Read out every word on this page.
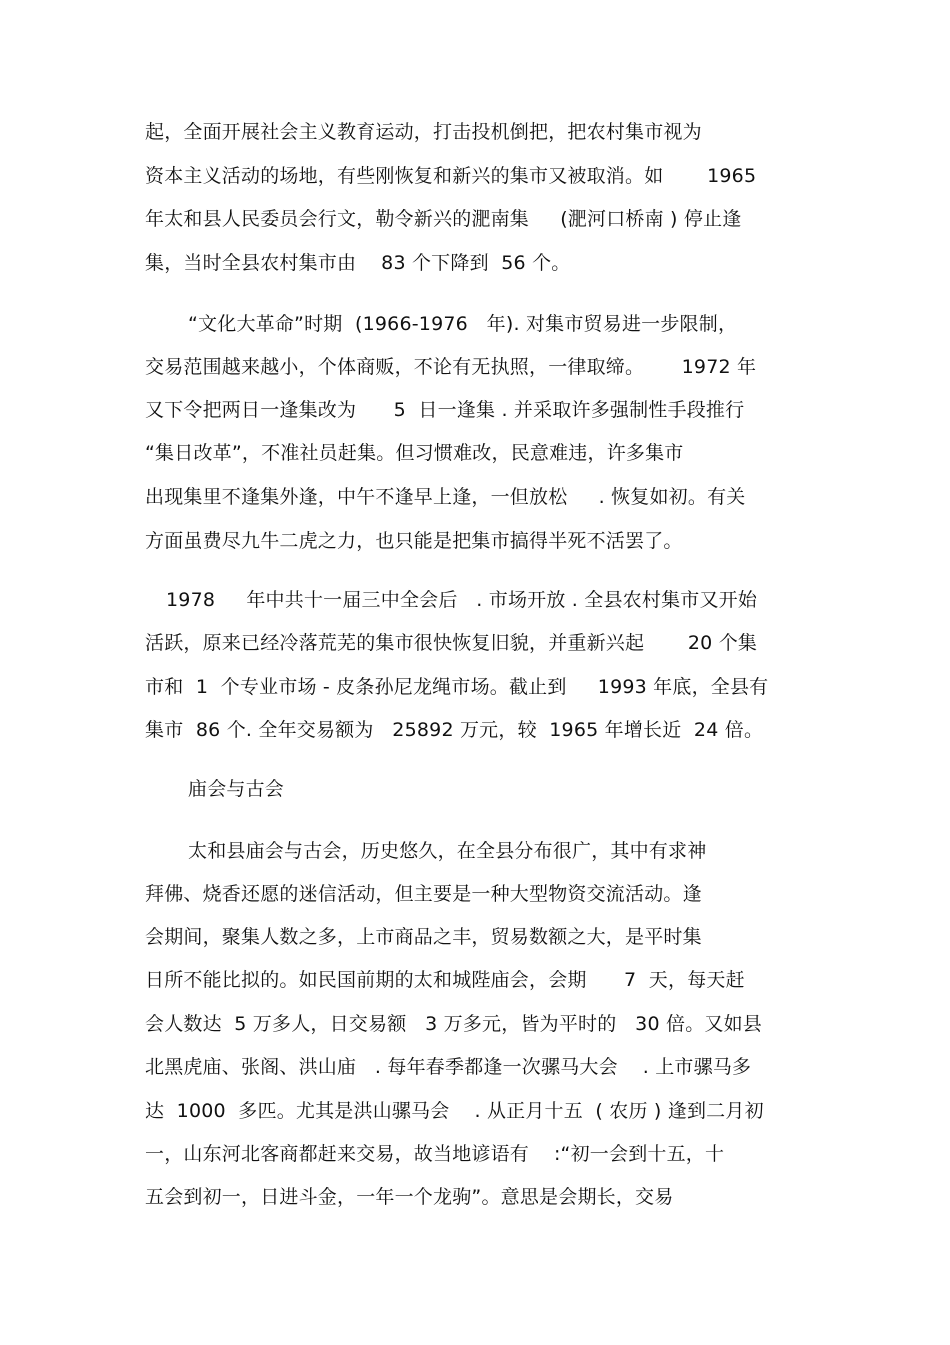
起，全面开展社会主义教育运动，打击投机倒把，把农村集市视为
资本主义活动的场地，有些刚恢复和新兴的集市又被取消。如       1965
年太和县人民委员会行文，勒令新兴的淝南集     (淝河口桥南 ) 停止逢
集，当时全县农村集市由    83 个下降到  56 个。
“文化大革命”时期  (1966-1976   年). 对集市贸易进一步限制，
交易范围越来越小，个体商贩，不论有无执照，一律取缔。      1972 年
又下令把两日一逢集改为      5  日一逢集 . 并采取许多强制性手段推行
“集日改革”，不准社员赶集。但习惯难改，民意难违，许多集市
出现集里不逢集外逢，中午不逢早上逢，一但放松     . 恢复如初。有关
方面虽费尽九牛二虎之力，也只能是把集市搞得半死不活罢了。
1978     年中共十一届三中全会后   . 市场开放 . 全县农村集市又开始
活跃，原来已经冷落荒芜的集市很快恢复旧貌，并重新兴起       20 个集
市和  1  个专业市场 - 皮条孙尼龙绳市场。截止到     1993 年底，全县有
集市  86 个. 全年交易额为   25892 万元，较  1965 年增长近  24 倍。
庙会与古会
太和县庙会与古会，历史悠久，在全县分布很广，其中有求神
拜佛、烧香还愿的迷信活动，但主要是一种大型物资交流活动。逢
会期间，聚集人数之多，上市商品之丰，贸易数额之大，是平时集
日所不能比拟的。如民国前期的太和城陛庙会，会期      7  天，每天赶
会人数达  5 万多人，日交易额   3 万多元，皆为平时的   30 倍。又如县
北黑虎庙、张阁、洪山庙   . 每年春季都逢一次骡马大会    . 上市骡马多
达  1000  多匹。尤其是洪山骡马会    . 从正月十五  ( 农历 ) 逢到二月初
一，山东河北客商都赶来交易，故当地谚语有    :“初一会到十五，十
五会到初一，日进斗金，一年一个龙驹”。意思是会期长，交易
